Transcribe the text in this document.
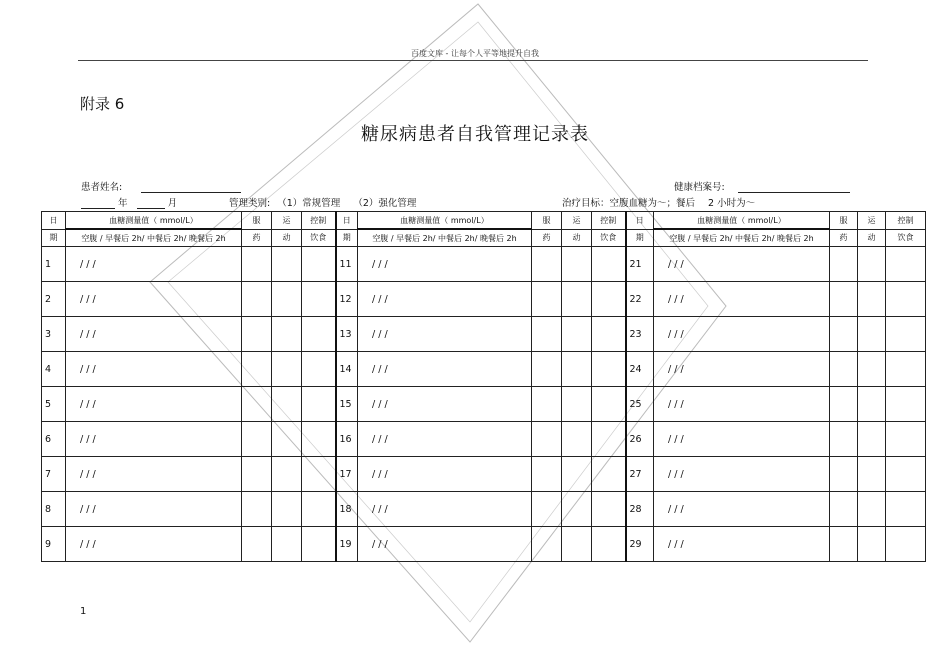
百度文库 - 让每个人平等地提升自我
附录 6
糖尿病患者自我管理记录表
患者姓名:	健康档案号:
年	月	管理类别: （1）常规管理 （2）强化管理	治疗目标：空腹血糖为～；餐后 2 小时为～
日	血糖测量值（ mmol/L）	服	运	控制	日	血糖测量值（ mmol/L）	服	运	控制	日	血糖测量值（ mmol/L）	服	运	控制
期	空腹 / 早餐后 2h/ 中餐后 2h/ 晚餐后 2h	药	动	饮食	期	空腹 / 早餐后 2h/ 中餐后 2h/ 晚餐后 2h	药	动	饮食	期	空腹 / 早餐后 2h/ 中餐后 2h/ 晚餐后 2h	药	动	饮食
1	/ / /				11	/ / /				21	/ / /			
2	/ / /				12	/ / /				22	/ / /			
3	/ / /				13	/ / /				23	/ / /			
4	/ / /				14	/ / /				24	/ / /			
5	/ / /				15	/ / /				25	/ / /			
6	/ / /				16	/ / /				26	/ / /			
7	/ / /				17	/ / /				27	/ / /			
8	/ / /				18	/ / /				28	/ / /			
9	/ / /				19	/ / /				29	/ / /			
1
